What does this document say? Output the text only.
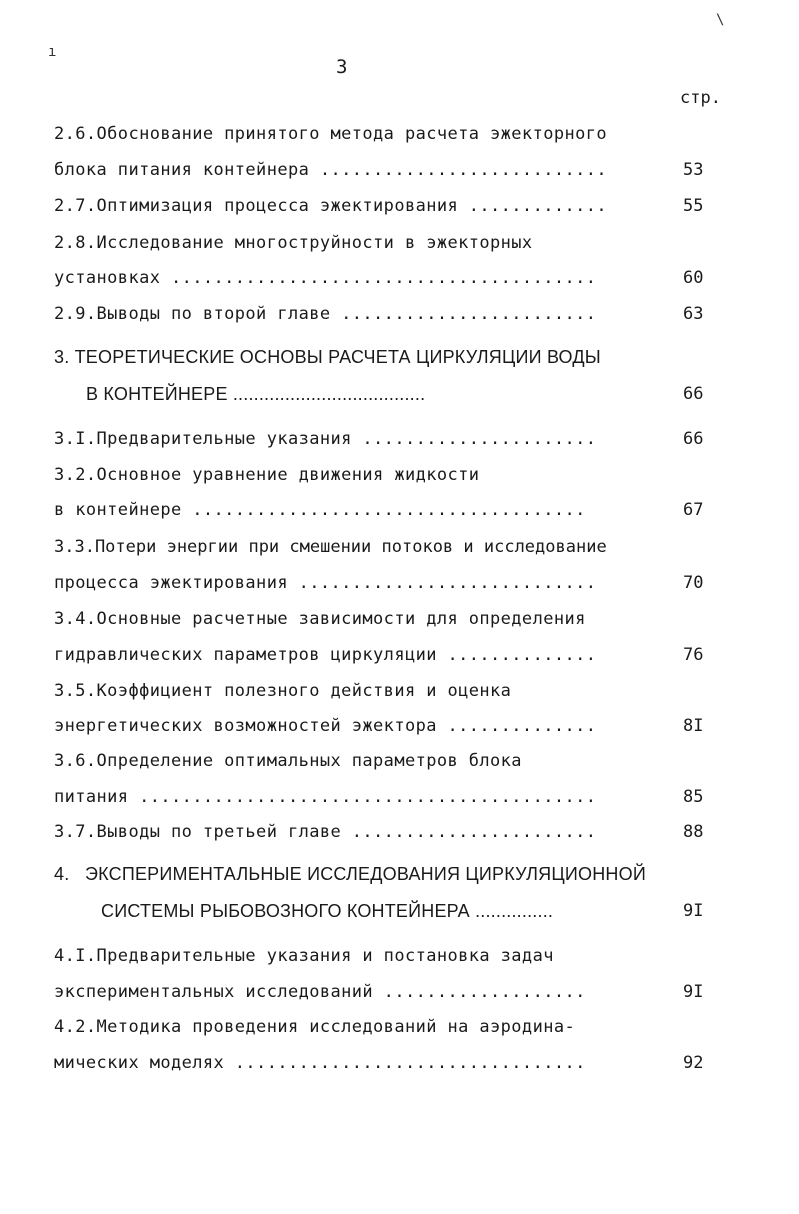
ı
\
3
стр.
2.6.Обоснование принятого метода расчета эжекторного
блока питания контейнера ...........................	53
2.7.Оптимизация процесса эжектирования .............	55
2.8.Исследование многоструйности в эжекторных
установках ........................................	60
2.9.Выводы по второй главе ........................	63
3. ТЕОРЕТИЧЕСКИЕ ОСНОВЫ РАСЧЕТА ЦИРКУЛЯЦИИ ВОДЫ
В КОНТЕЙНЕРЕ .....................................	66
3.I.Предварительные указания ......................	66
3.2.Основное уравнение движения жидкости
в контейнере .....................................	67
3.3.Потери энергии при смешении потоков и исследование
процесса эжектирования ............................	70
3.4.Основные расчетные зависимости для определения
гидравлических параметров циркуляции ..............	76
3.5.Коэффициент полезного действия и оценка
энергетических возможностей эжектора ..............	8I
3.6.Определение оптимальных параметров блока
питания ...........................................	85
3.7.Выводы по третьей главе .......................	88
4.   ЭКСПЕРИМЕНТАЛЬНЫЕ ИССЛЕДОВАНИЯ ЦИРКУЛЯЦИОННОЙ
СИСТЕМЫ РЫБОВОЗНОГО КОНТЕЙНЕРА ...............	9I
4.I.Предварительные указания и постановка задач
экспериментальных исследований ...................	9I
4.2.Методика проведения исследований на аэродина-
мических моделях .................................	92
